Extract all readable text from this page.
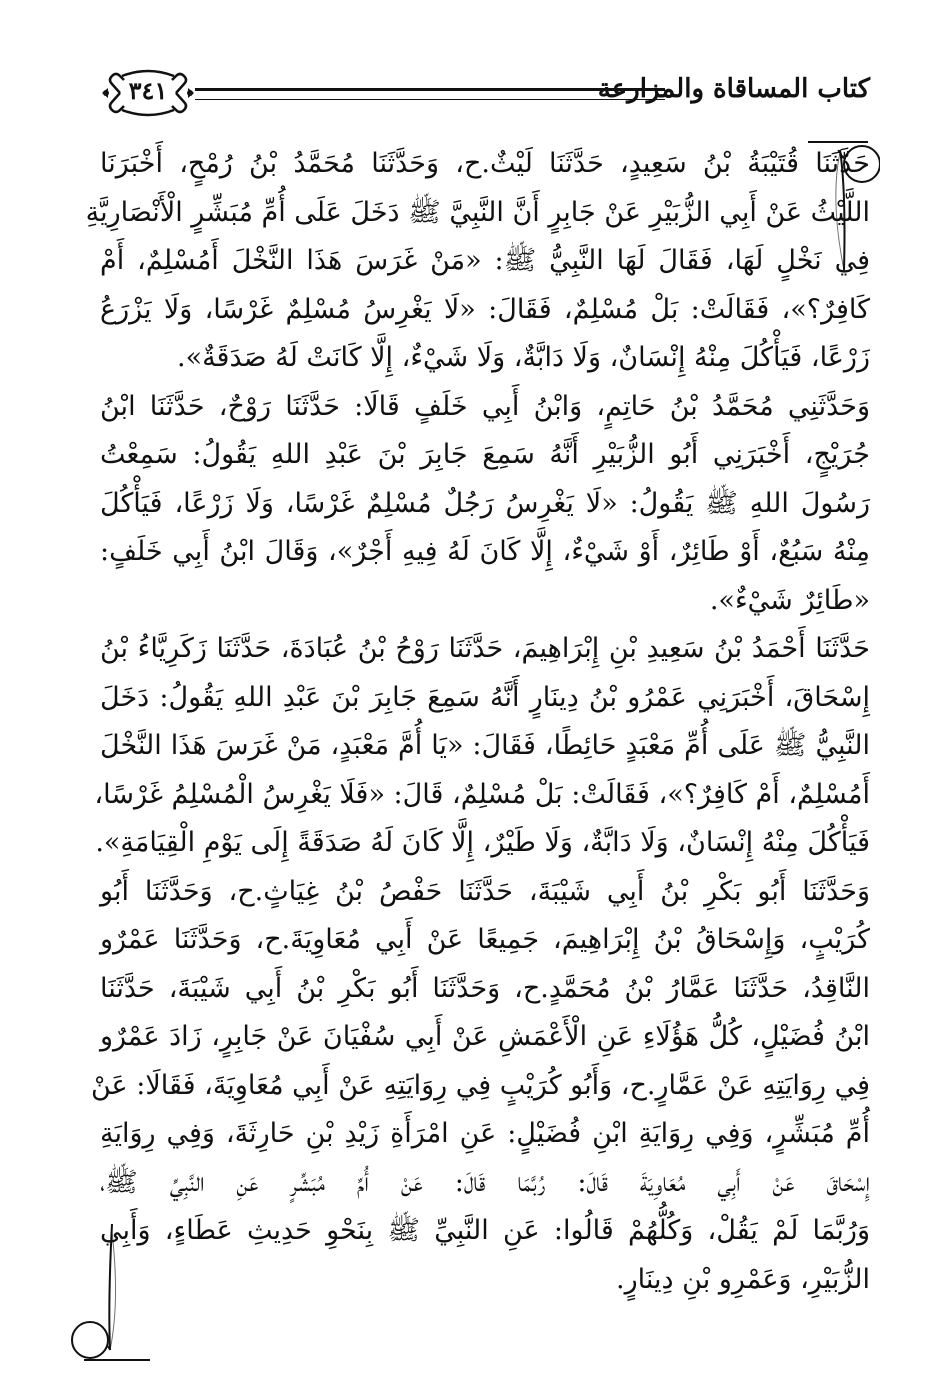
كتاب المساقاة والمزارعة
٣٤١
حَدَّثَنَا قُتَيْبَةُ بْنُ سَعِيدٍ، حَدَّثَنَا لَيْثٌ.ح، وَحَدَّثَنَا مُحَمَّدُ بْنُ رُمْحٍ، أَخْبَرَنَا
اللَّيْثُ عَنْ أَبِي الزُّبَيْرِ عَنْ جَابِرٍ أَنَّ النَّبِيَّ ﷺ دَخَلَ عَلَى أُمِّ مُبَشِّرٍ الْأَنْصَارِيَّةِ
فِي نَخْلٍ لَهَا، فَقَالَ لَهَا النَّبِيُّ ﷺ: «مَنْ غَرَسَ هَذَا النَّخْلَ أَمُسْلِمٌ، أَمْ
كَافِرٌ؟»، فَقَالَتْ: بَلْ مُسْلِمٌ، فَقَالَ: «لَا يَغْرِسُ مُسْلِمٌ غَرْسًا، وَلَا يَزْرَعُ
زَرْعًا، فَيَأْكُلَ مِنْهُ إِنْسَانٌ، وَلَا دَابَّةٌ، وَلَا شَيْءٌ، إِلَّا كَانَتْ لَهُ صَدَقَةٌ».
وَحَدَّثَنِي مُحَمَّدُ بْنُ حَاتِمٍ، وَابْنُ أَبِي خَلَفٍ قَالَا: حَدَّثَنَا رَوْحٌ، حَدَّثَنَا ابْنُ
جُرَيْجٍ، أَخْبَرَنِي أَبُو الزُّبَيْرِ أَنَّهُ سَمِعَ جَابِرَ بْنَ عَبْدِ اللهِ يَقُولُ: سَمِعْتُ
رَسُولَ اللهِ ﷺ يَقُولُ: «لَا يَغْرِسُ رَجُلٌ مُسْلِمٌ غَرْسًا، وَلَا زَرْعًا، فَيَأْكُلَ
مِنْهُ سَبُعٌ، أَوْ طَائِرٌ، أَوْ شَيْءٌ، إِلَّا كَانَ لَهُ فِيهِ أَجْرٌ»، وَقَالَ ابْنُ أَبِي خَلَفٍ:
«طَائِرٌ شَيْءٌ».
حَدَّثَنَا أَحْمَدُ بْنُ سَعِيدِ بْنِ إِبْرَاهِيمَ، حَدَّثَنَا رَوْحُ بْنُ عُبَادَةَ، حَدَّثَنَا زَكَرِيَّاءُ بْنُ
إِسْحَاقَ، أَخْبَرَنِي عَمْرُو بْنُ دِينَارٍ أَنَّهُ سَمِعَ جَابِرَ بْنَ عَبْدِ اللهِ يَقُولُ: دَخَلَ
النَّبِيُّ ﷺ عَلَى أُمِّ مَعْبَدٍ حَائِطًا، فَقَالَ: «يَا أُمَّ مَعْبَدٍ، مَنْ غَرَسَ هَذَا النَّخْلَ
أَمُسْلِمٌ، أَمْ كَافِرٌ؟»، فَقَالَتْ: بَلْ مُسْلِمٌ، قَالَ: «فَلَا يَغْرِسُ الْمُسْلِمُ غَرْسًا،
فَيَأْكُلَ مِنْهُ إِنْسَانٌ، وَلَا دَابَّةٌ، وَلَا طَيْرٌ، إِلَّا كَانَ لَهُ صَدَقَةً إِلَى يَوْمِ الْقِيَامَةِ».
وَحَدَّثَنَا أَبُو بَكْرِ بْنُ أَبِي شَيْبَةَ، حَدَّثَنَا حَفْصُ بْنُ غِيَاثٍ.ح، وَحَدَّثَنَا أَبُو
كُرَيْبٍ، وَإِسْحَاقُ بْنُ إِبْرَاهِيمَ، جَمِيعًا عَنْ أَبِي مُعَاوِيَةَ.ح، وَحَدَّثَنَا عَمْرٌو
النَّاقِدُ، حَدَّثَنَا عَمَّارُ بْنُ مُحَمَّدٍ.ح، وَحَدَّثَنَا أَبُو بَكْرِ بْنُ أَبِي شَيْبَةَ، حَدَّثَنَا
ابْنُ فُضَيْلٍ، كُلُّ هَؤُلَاءِ عَنِ الْأَعْمَشِ عَنْ أَبِي سُفْيَانَ عَنْ جَابِرٍ، زَادَ عَمْرٌو
فِي رِوَايَتِهِ عَنْ عَمَّارٍ.ح، وَأَبُو كُرَيْبٍ فِي رِوَايَتِهِ عَنْ أَبِي مُعَاوِيَةَ، فَقَالَا: عَنْ
أُمِّ مُبَشِّرٍ، وَفِي رِوَايَةِ ابْنِ فُضَيْلٍ: عَنِ امْرَأَةِ زَيْدِ بْنِ حَارِثَةَ، وَفِي رِوَايَةِ
إِسْحَاقَ عَنْ أَبِي مُعَاوِيَةَ قَالَ: رُبَّمَا قَالَ: عَنْ أُمِّ مُبَشِّرٍ عَنِ النَّبِيِّ ﷺ،
وَرُبَّمَا لَمْ يَقُلْ، وَكُلُّهُمْ قَالُوا: عَنِ النَّبِيِّ ﷺ بِنَحْوِ حَدِيثِ عَطَاءٍ، وَأَبِي
الزُّبَيْرِ، وَعَمْرِو بْنِ دِينَارٍ.
